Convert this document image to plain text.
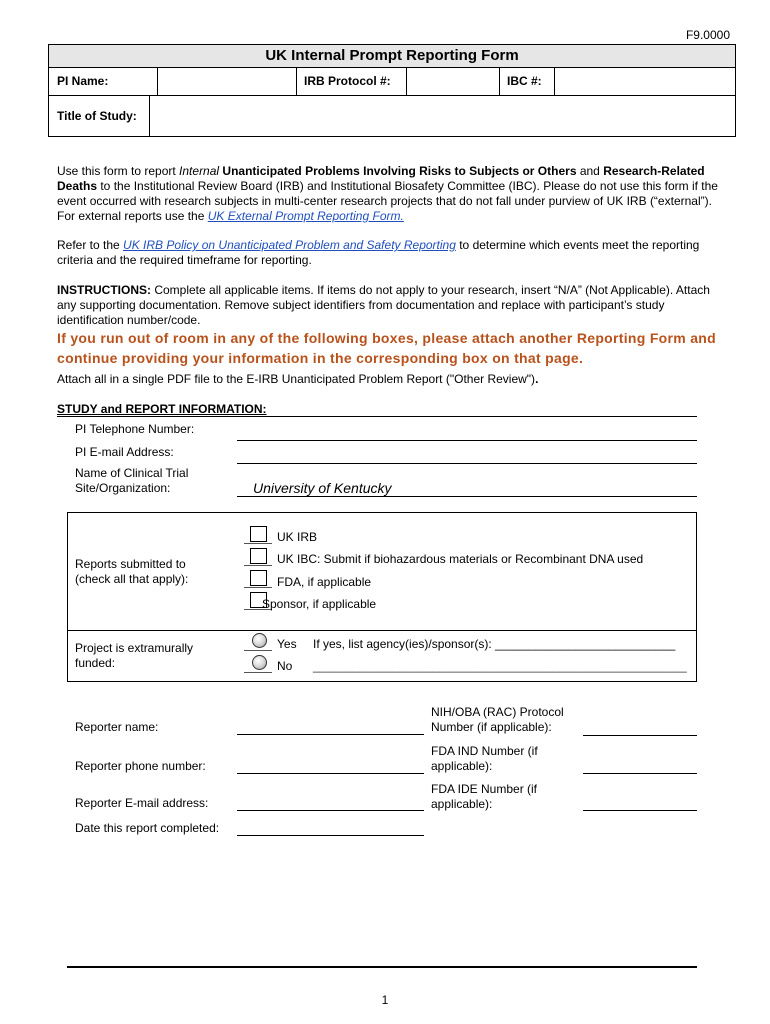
F9.0000
UK Internal Prompt Reporting Form
PI Name:	IRB Protocol #:	IBC #:
Title of Study:
Use this form to report Internal Unanticipated Problems Involving Risks to Subjects or Others and Research-Related Deaths to the Institutional Review Board (IRB) and Institutional Biosafety Committee (IBC). Please do not use this form if the event occurred with research subjects in multi-center research projects that do not fall under purview of UK IRB (“external”). For external reports use the UK External Prompt Reporting Form.
Refer to the UK IRB Policy on Unanticipated Problem and Safety Reporting to determine which events meet the reporting criteria and the required timeframe for reporting.
INSTRUCTIONS: Complete all applicable items. If items do not apply to your research, insert “N/A” (Not Applicable). Attach any supporting documentation. Remove subject identifiers from documentation and replace with participant’s study identification number/code.
If you run out of room in any of the following boxes, please attach another Reporting Form and continue providing your information in the corresponding box on that page.
Attach all in a single PDF file to the E-IRB Unanticipated Problem Report ("Other Review").
STUDY and REPORT INFORMATION:
PI Telephone Number:
PI E-mail Address:
Name of Clinical Trial
Site/Organization:	University of Kentucky
Reports submitted to
(check all that apply):
UK IRB
UK IBC: Submit if biohazardous materials or Recombinant DNA used
FDA, if applicable
Sponsor, if applicable
Project is extramurally
funded:
Yes If yes, list agency(ies)/sponsor(s): ___________________________
No ________________________________________________________
Reporter name:
Reporter phone number:
Reporter E-mail address:
Date this report completed:
NIH/OBA (RAC) Protocol
Number (if applicable):
FDA IND Number (if
applicable):
FDA IDE Number (if
applicable):
1
